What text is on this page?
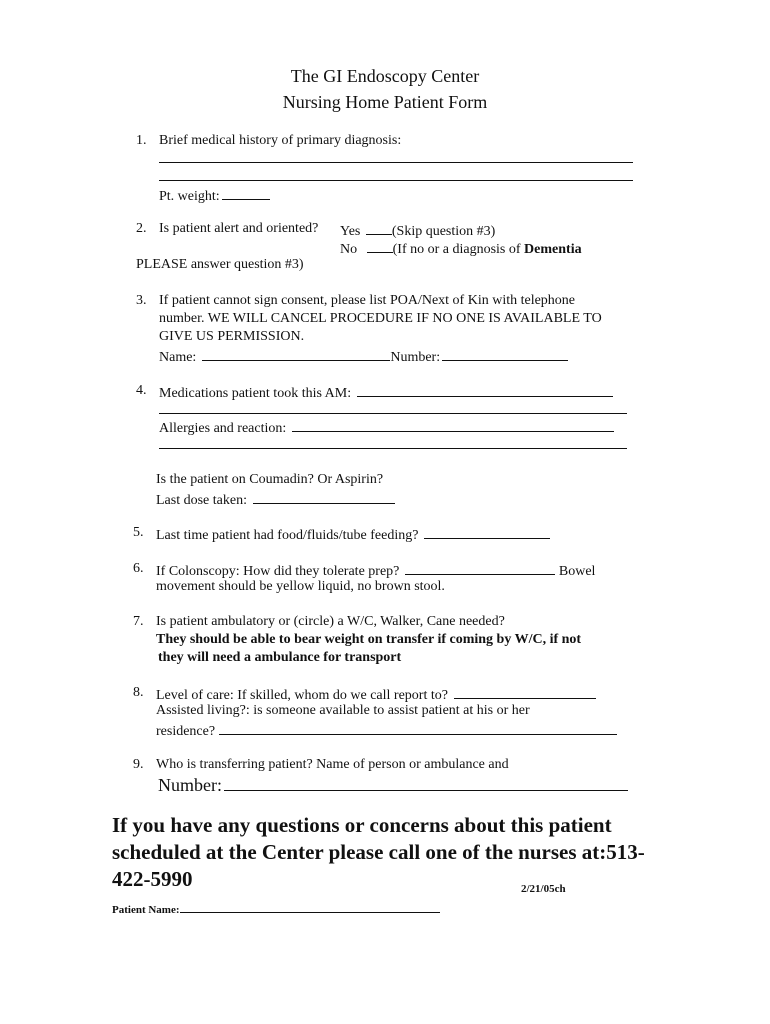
The GI Endoscopy Center
Nursing Home Patient Form
1. Brief medical history of primary diagnosis:
Pt. weight:
2. Is patient alert and oriented? Yes (Skip question #3)
No	(If no or a diagnosis of Dementia
PLEASE answer question #3)
3. If patient cannot sign consent, please list POA/Next of Kin with telephone
number. WE WILL CANCEL PROCEDURE IF NO ONE IS AVAILABLE TO
GIVE US PERMISSION.
Name:	Number:
4. Medications patient took this AM:
Allergies and reaction:
Is the patient on Coumadin? Or Aspirin?
Last dose taken:
5. Last time patient had food/fluids/tube feeding?
6. If Colonscopy: How did they tolerate prep?	Bowel
movement should be yellow liquid, no brown stool.
7. Is patient ambulatory or (circle) a W/C, Walker, Cane needed?
They should be able to bear weight on transfer if coming by W/C, if not
they will need a ambulance for transport
8. Level of care: If skilled, whom do we call report to?
Assisted living?: is someone available to assist patient at his or her
residence?
9. Who is transferring patient? Name of person or ambulance and
Number:
If you have any questions or concerns about this patient scheduled at the Center please call one of the nurses at:513-422-5990	2/21/05ch
Patient Name:
